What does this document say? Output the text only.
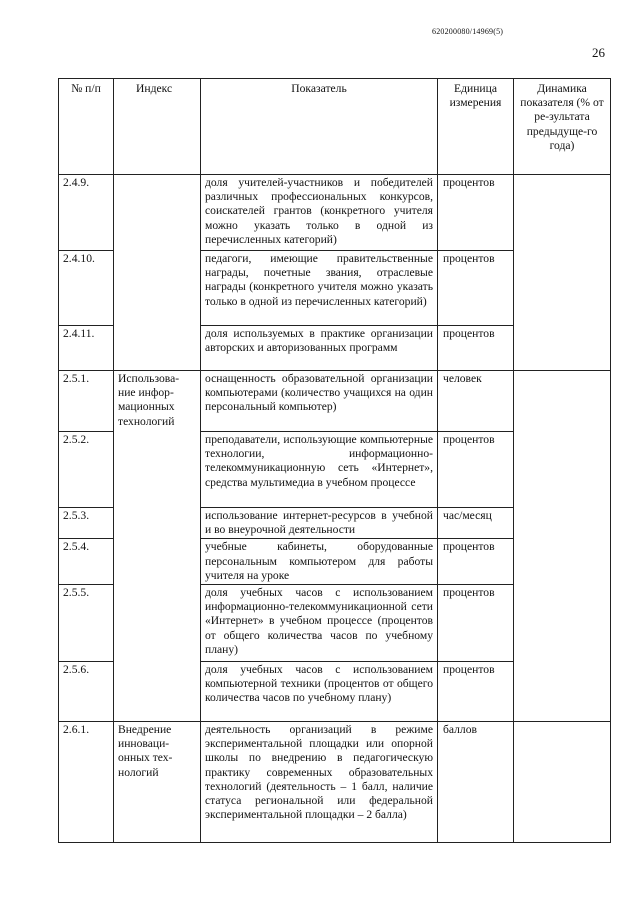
620200080/14969(5)
26
№ п/п	Индекс	Показатель	Единица измерения	Динамика показателя (% от ре-зультата предыдуще-го года)
2.4.9.		доля учителей-участников и победителей различных профессиональных конкурсов, соискателей грантов (конкретного учителя можно указать только в одной из перечисленных категорий)	процентов	
2.4.10.		педагоги, имеющие правительственные награды, почетные звания, отраслевые награды (конкретного учителя можно указать только в одной из перечисленных категорий)	процентов	
2.4.11.		доля используемых в практике организации авторских и авторизованных программ	процентов	
2.5.1.	Использова-ние инфор-мационных технологий	оснащенность образовательной организации компьютерами (количество учащихся на один персональный компьютер)	человек	
2.5.2.		преподаватели, использующие компьютерные технологии, информационно-телекоммуникационную сеть «Интернет», средства мультимедиа в учебном процессе	процентов	
2.5.3.		использование интернет-ресурсов в учебной и во внеурочной деятельности	час/месяц	
2.5.4.		учебные кабинеты, оборудованные персональным компьютером для работы учителя на уроке	процентов	
2.5.5.		доля учебных часов с использованием информационно-телекоммуникационной сети «Интернет» в учебном процессе (процентов от общего количества часов по учебному плану)	процентов	
2.5.6.		доля учебных часов с использованием компьютерной техники (процентов от общего количества часов по учебному плану)	процентов	
2.6.1.	Внедрение инноваци-онных тех-нологий	деятельность организаций в режиме экспериментальной площадки или опорной школы по внедрению в педагогическую практику современных образовательных технологий (деятельность – 1 балл, наличие статуса региональной или федеральной экспериментальной площадки – 2 балла)	баллов	
